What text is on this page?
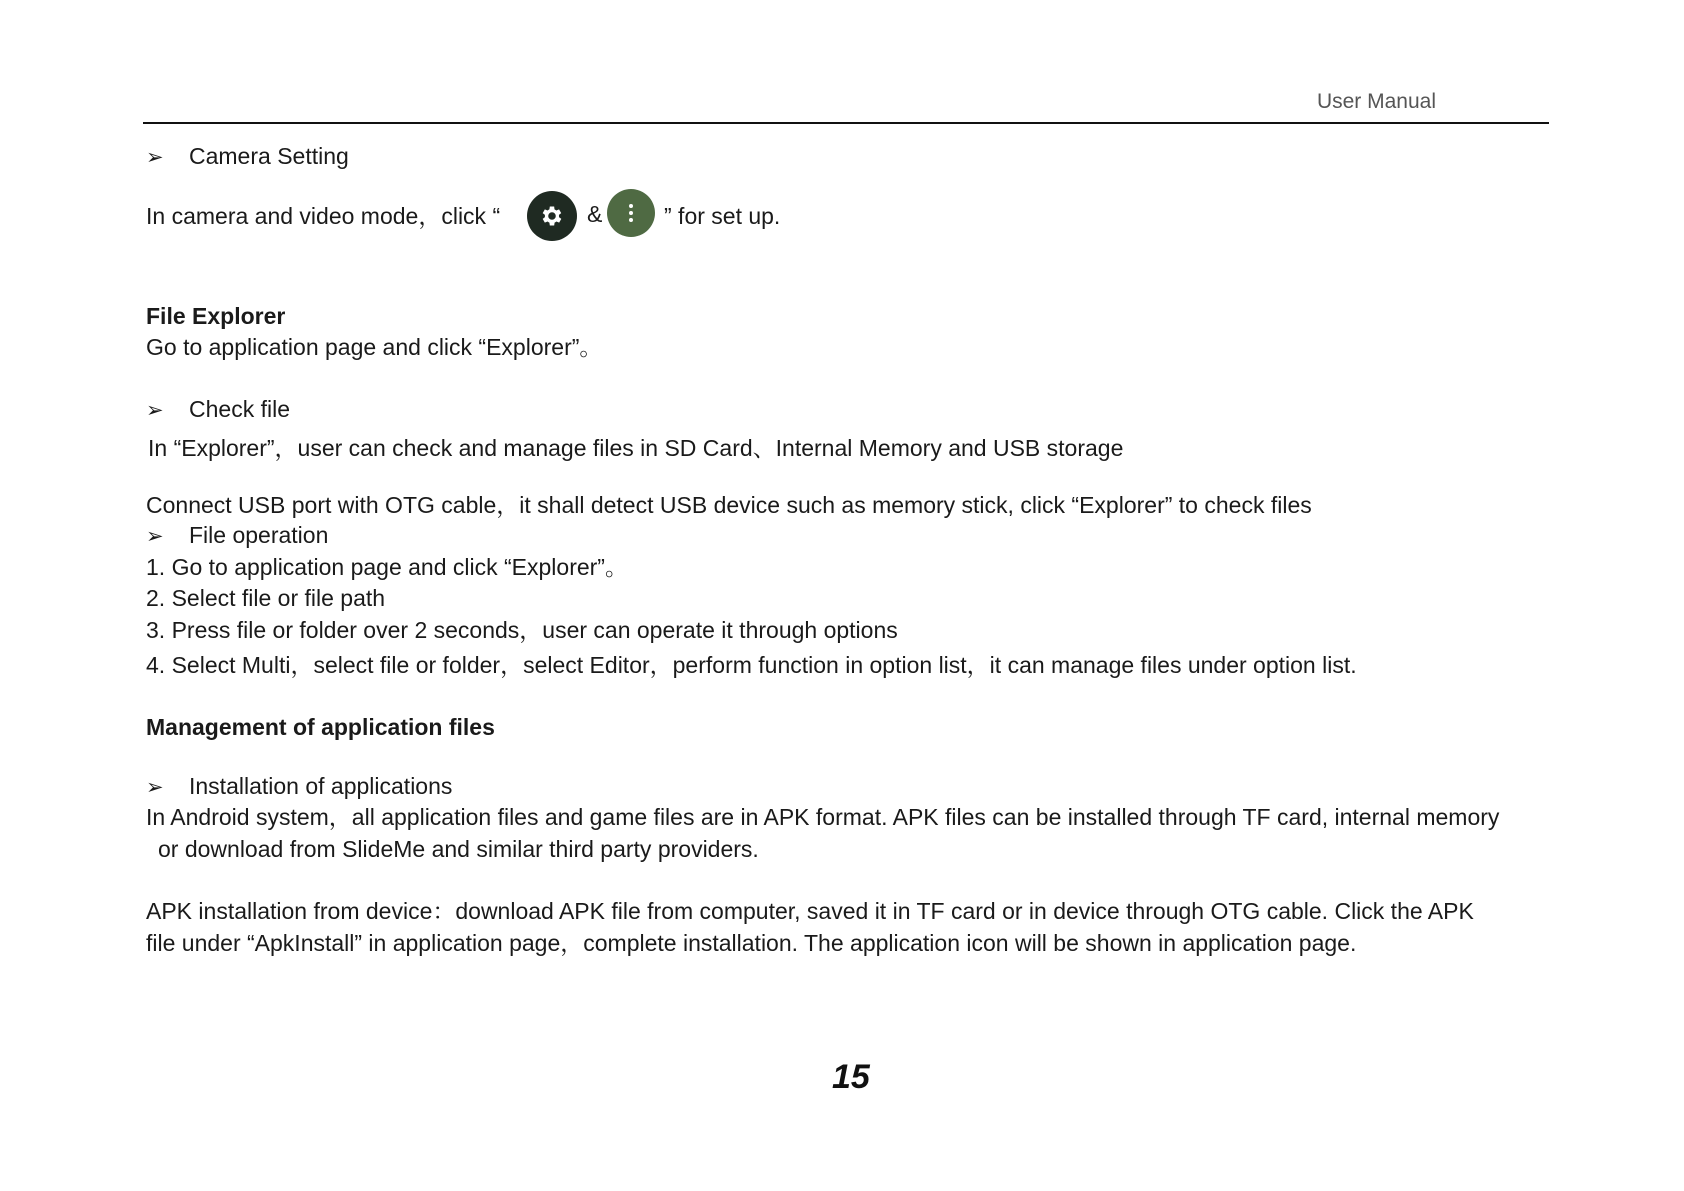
User Manual
➢ Camera Setting
In camera and video mode，click “	&	” for set up.
File Explorer
Go to application page and click “Explorer”。
➢ Check file
In “Explorer”，user can check and manage files in SD Card、Internal Memory and USB storage
Connect USB port with OTG cable，it shall detect USB device such as memory stick, click “Explorer” to check files
➢ File operation
1. Go to application page and click “Explorer”。
2. Select file or file path
3. Press file or folder over 2 seconds，user can operate it through options
4. Select Multi，select file or folder，select Editor，perform function in option list，it can manage files under option list.
Management of application files
➢ Installation of applications
In Android system，all application files and game files are in APK format. APK files can be installed through TF card, internal memory
or download from SlideMe and similar third party providers.
APK installation from device：download APK file from computer, saved it in TF card or in device through OTG cable. Click the APK
file under “ApkInstall” in application page，complete installation. The application icon will be shown in application page.
15
